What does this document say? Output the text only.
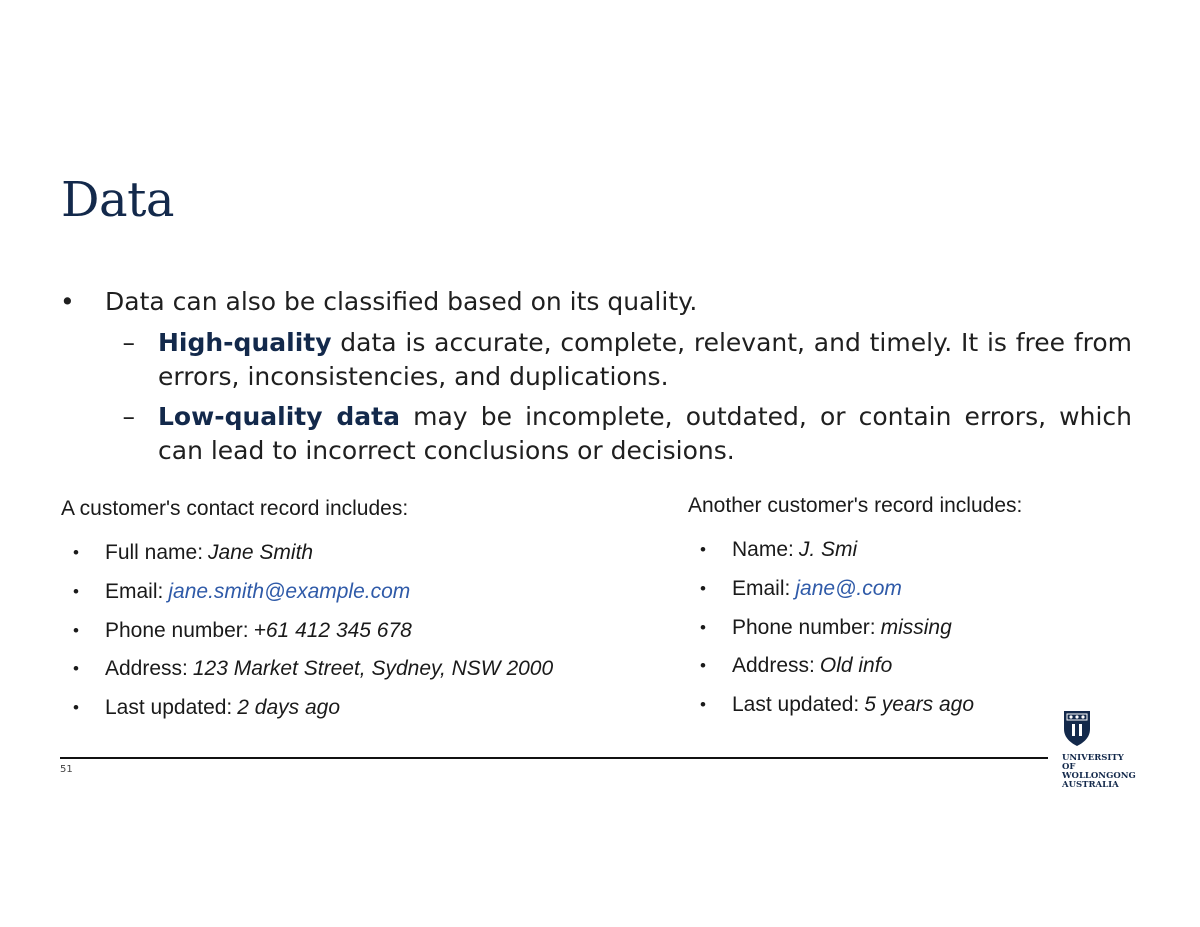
Data
•	Data can also be classified based on its quality.
– High-quality data is accurate, complete, relevant, and timely. It is free from errors, inconsistencies, and duplications.
– Low-quality data may be incomplete, outdated, or contain errors, which can lead to incorrect conclusions or decisions.
A customer's contact record includes:
•	Full name: Jane Smith
•	Email: jane.smith@example.com
•	Phone number: +61 412 345 678
•	Address: 123 Market Street, Sydney, NSW 2000
•	Last updated: 2 days ago
Another customer's record includes:
•	Name: J. Smi
•	Email: jane@.com
•	Phone number: missing
•	Address: Old info
•	Last updated: 5 years ago
51
UNIVERSITY
OF WOLLONGONG
AUSTRALIA
